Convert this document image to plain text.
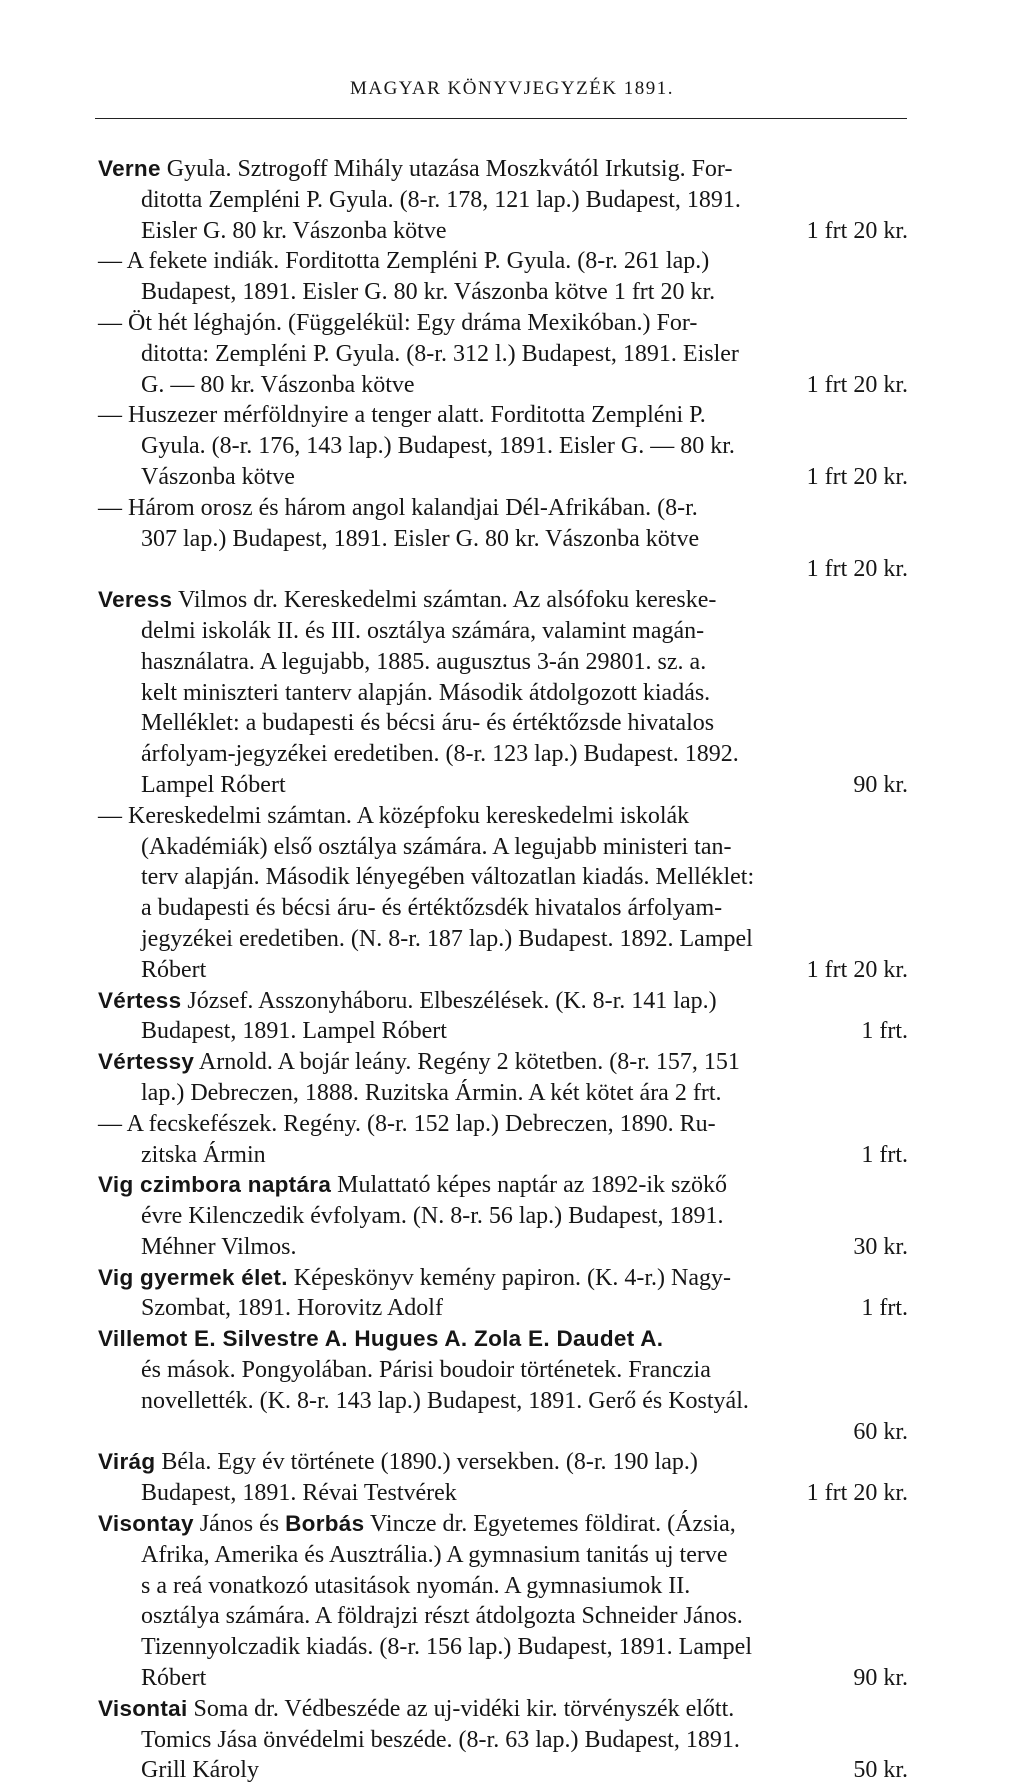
MAGYAR KÖNYVJEGYZÉK 1891.
Verne Gyula. Sztrogoff Mihály utazása Moszkvától Irkutsig. For-
ditotta Zempléni P. Gyula. (8-r. 178, 121 lap.) Budapest, 1891.
Eisler G. 80 kr. Vászonba kötve	1 frt 20 kr.
— A fekete indiák. Forditotta Zempléni P. Gyula. (8-r. 261 lap.)
Budapest, 1891. Eisler G. 80 kr. Vászonba kötve 1 frt 20 kr.
— Öt hét léghajón. (Függelékül: Egy dráma Mexikóban.) For-
ditotta: Zempléni P. Gyula. (8-r. 312 l.) Budapest, 1891. Eisler
G. — 80 kr. Vászonba kötve	1 frt 20 kr.
— Huszezer mérföldnyire a tenger alatt. Forditotta Zempléni P.
Gyula. (8-r. 176, 143 lap.) Budapest, 1891. Eisler G. — 80 kr.
Vászonba kötve	1 frt 20 kr.
— Három orosz és három angol kalandjai Dél-Afrikában. (8-r.
307 lap.) Budapest, 1891. Eisler G. 80 kr. Vászonba kötve
1 frt 20 kr.
Veress Vilmos dr. Kereskedelmi számtan. Az alsófoku kereske-
delmi iskolák II. és III. osztálya számára, valamint magán-
használatra. A legujabb, 1885. augusztus 3-án 29801. sz. a.
kelt miniszteri tanterv alapján. Második átdolgozott kiadás.
Melléklet: a budapesti és bécsi áru- és értéktőzsde hivatalos
árfolyam-jegyzékei eredetiben. (8-r. 123 lap.) Budapest. 1892.
Lampel Róbert	90 kr.
— Kereskedelmi számtan. A középfoku kereskedelmi iskolák
(Akadémiák) első osztálya számára. A legujabb ministeri tan-
terv alapján. Második lényegében változatlan kiadás. Melléklet:
a budapesti és bécsi áru- és értéktőzsdék hivatalos árfolyam-
jegyzékei eredetiben. (N. 8-r. 187 lap.) Budapest. 1892. Lampel
Róbert	1 frt 20 kr.
Vértess József. Asszonyháboru. Elbeszélések. (K. 8-r. 141 lap.)
Budapest, 1891. Lampel Róbert	1 frt.
Vértessy Arnold. A bojár leány. Regény 2 kötetben. (8-r. 157, 151
lap.) Debreczen, 1888. Ruzitska Ármin. A két kötet ára 2 frt.
— A fecskefészek. Regény. (8-r. 152 lap.) Debreczen, 1890. Ru-
zitska Ármin	1 frt.
Vig czimbora naptára Mulattató képes naptár az 1892-ik szökő
évre Kilenczedik évfolyam. (N. 8-r. 56 lap.) Budapest, 1891.
Méhner Vilmos.	30 kr.
Vig gyermek élet. Képeskönyv kemény papiron. (K. 4-r.) Nagy-
Szombat, 1891. Horovitz Adolf	1 frt.
Villemot E. Silvestre A. Hugues A. Zola E. Daudet A.
és mások. Pongyolában. Párisi boudoir történetek. Franczia
novellették. (K. 8-r. 143 lap.) Budapest, 1891. Gerő és Kostyál.
60 kr.
Virág Béla. Egy év története (1890.) versekben. (8-r. 190 lap.)
Budapest, 1891. Révai Testvérek	1 frt 20 kr.
Visontay János és Borbás Vincze dr. Egyetemes földirat. (Ázsia,
Afrika, Amerika és Ausztrália.) A gymnasium tanitás uj terve
s a reá vonatkozó utasitások nyomán. A gymnasiumok II.
osztálya számára. A földrajzi részt átdolgozta Schneider János.
Tizennyolczadik kiadás. (8-r. 156 lap.) Budapest, 1891. Lampel
Róbert	90 kr.
Visontai Soma dr. Védbeszéde az uj-vidéki kir. törvényszék előtt.
Tomics Jása önvédelmi beszéde. (8-r. 63 lap.) Budapest, 1891.
Grill Károly	50 kr.
